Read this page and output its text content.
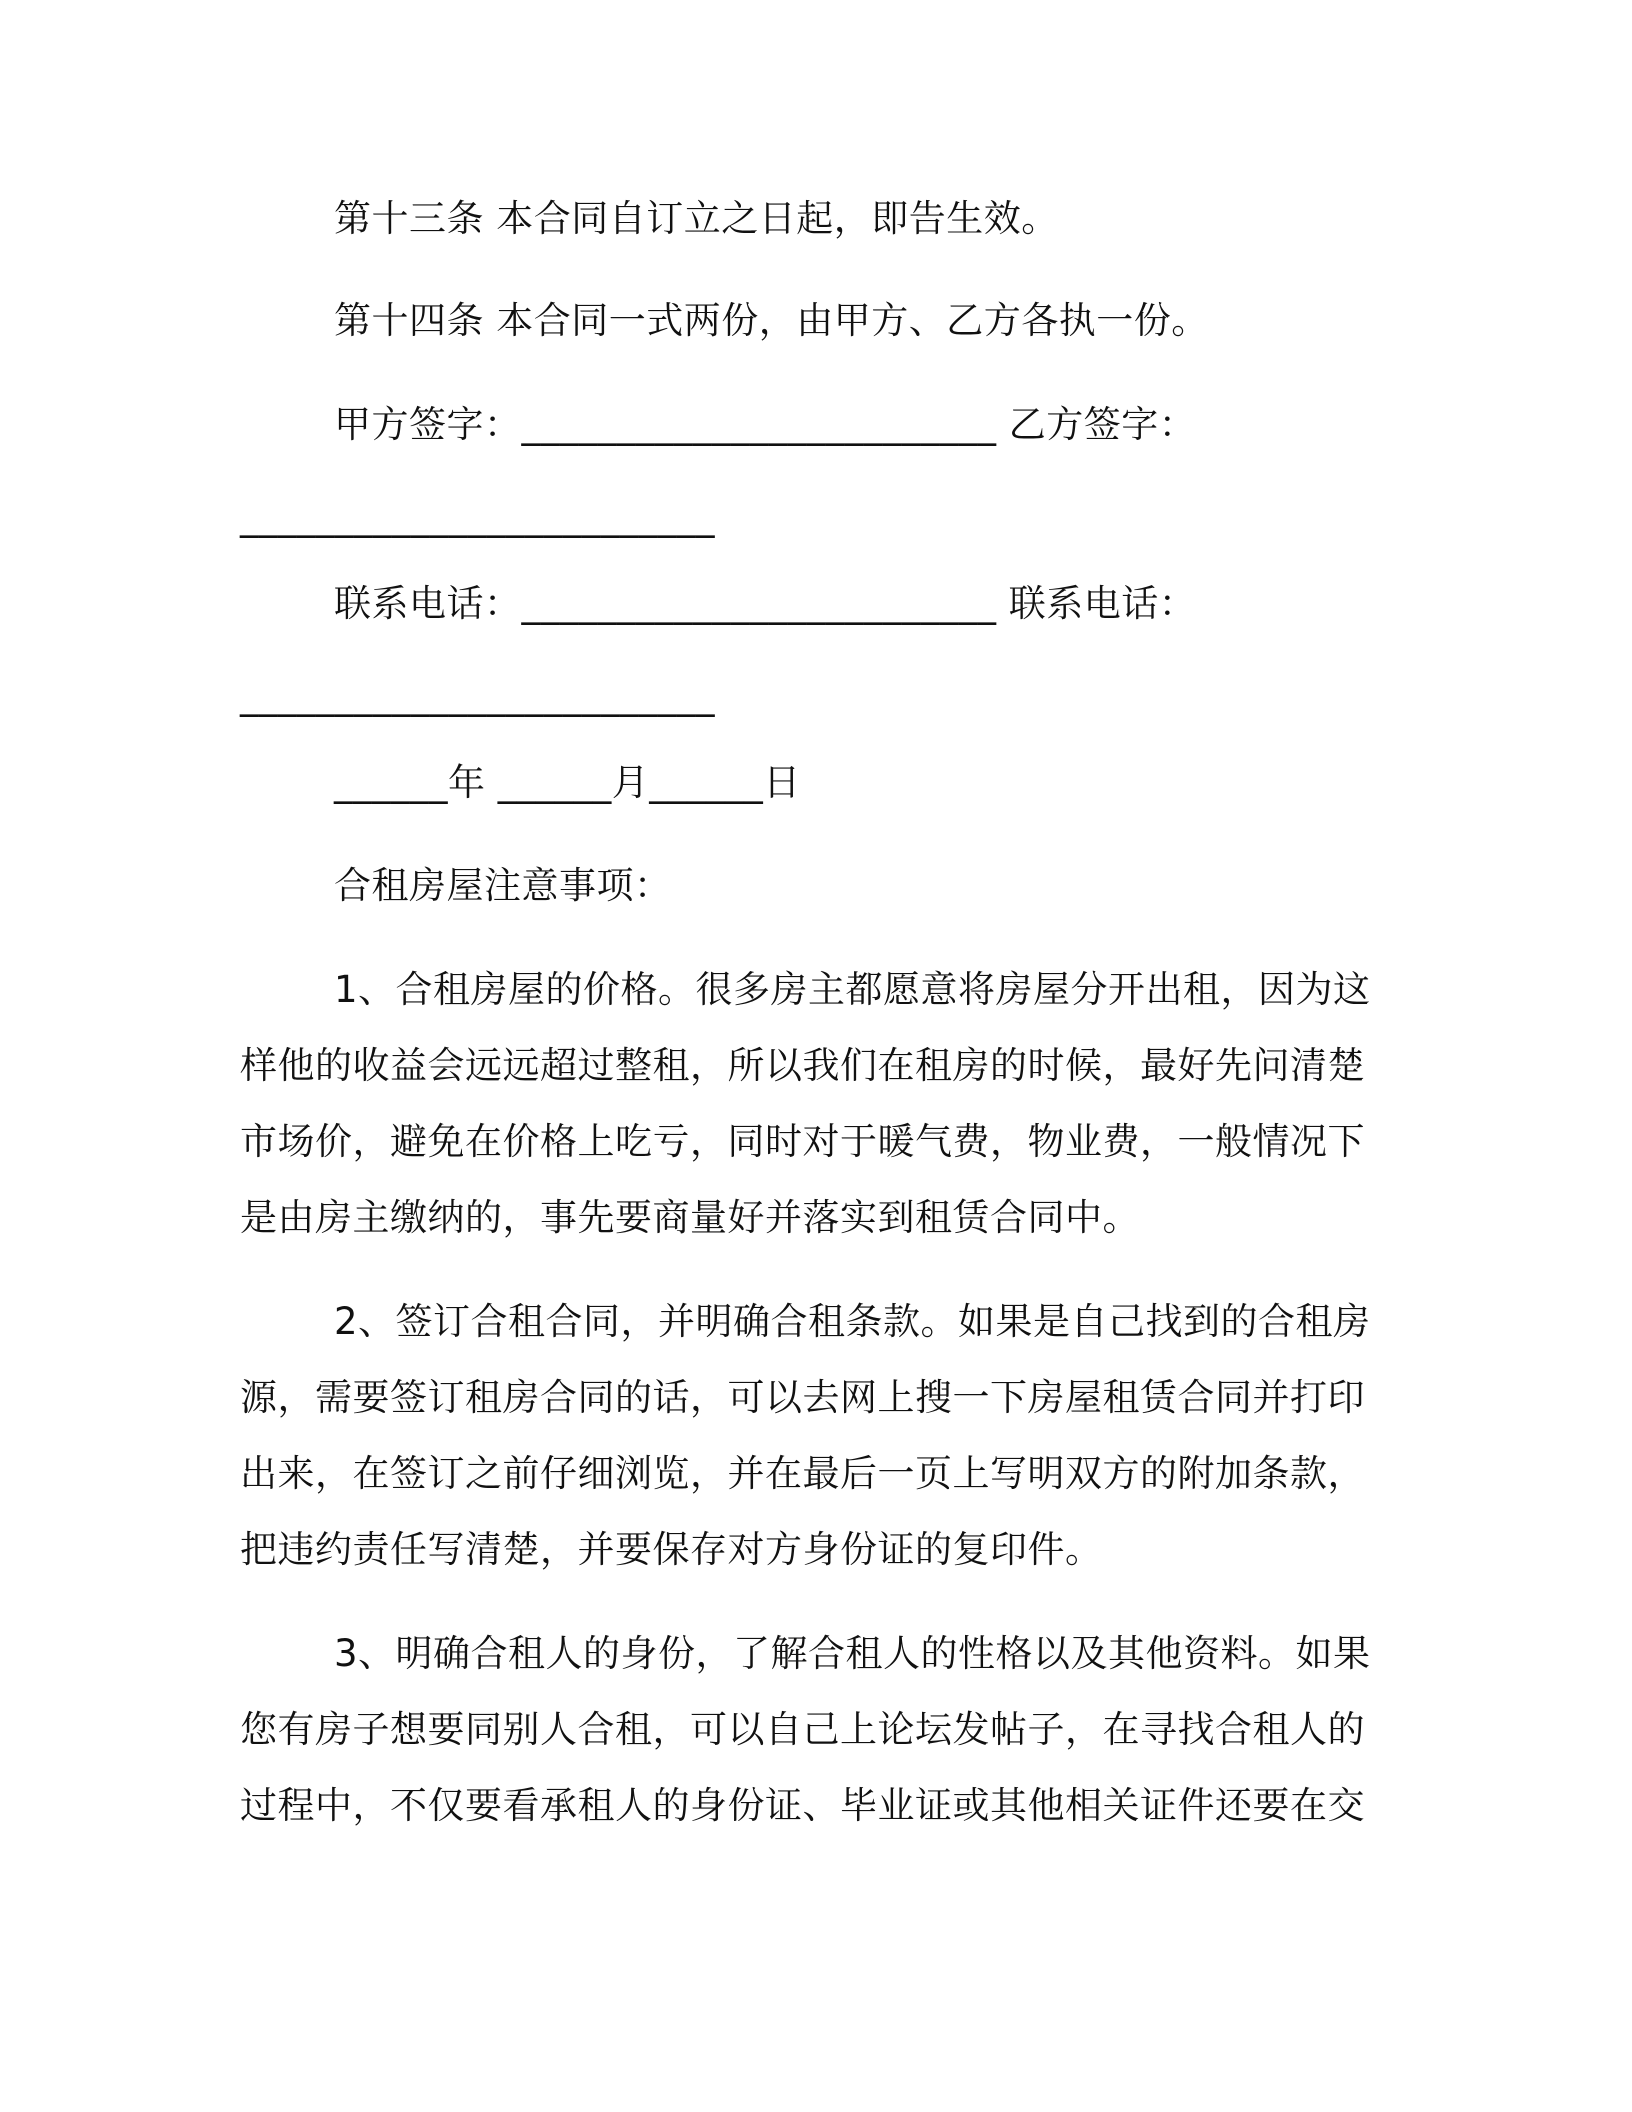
第十三条 本合同自订立之日起，即告生效。
第十四条 本合同一式两份，由甲方、乙方各执一份。
甲方签字：_________________________ 乙方签字：
_________________________
联系电话：_________________________ 联系电话：
_________________________
______年 ______月______日
合租房屋注意事项：
1、合租房屋的价格。很多房主都愿意将房屋分开出租，因为这
样他的收益会远远超过整租，所以我们在租房的时候，最好先问清楚
市场价，避免在价格上吃亏，同时对于暖气费，物业费，一般情况下
是由房主缴纳的，事先要商量好并落实到租赁合同中。
2、签订合租合同，并明确合租条款。如果是自己找到的合租房
源，需要签订租房合同的话，可以去网上搜一下房屋租赁合同并打印
出来，在签订之前仔细浏览，并在最后一页上写明双方的附加条款，
把违约责任写清楚，并要保存对方身份证的复印件。
3、明确合租人的身份，了解合租人的性格以及其他资料。如果
您有房子想要同别人合租，可以自己上论坛发帖子，在寻找合租人的
过程中，不仅要看承租人的身份证、毕业证或其他相关证件还要在交
